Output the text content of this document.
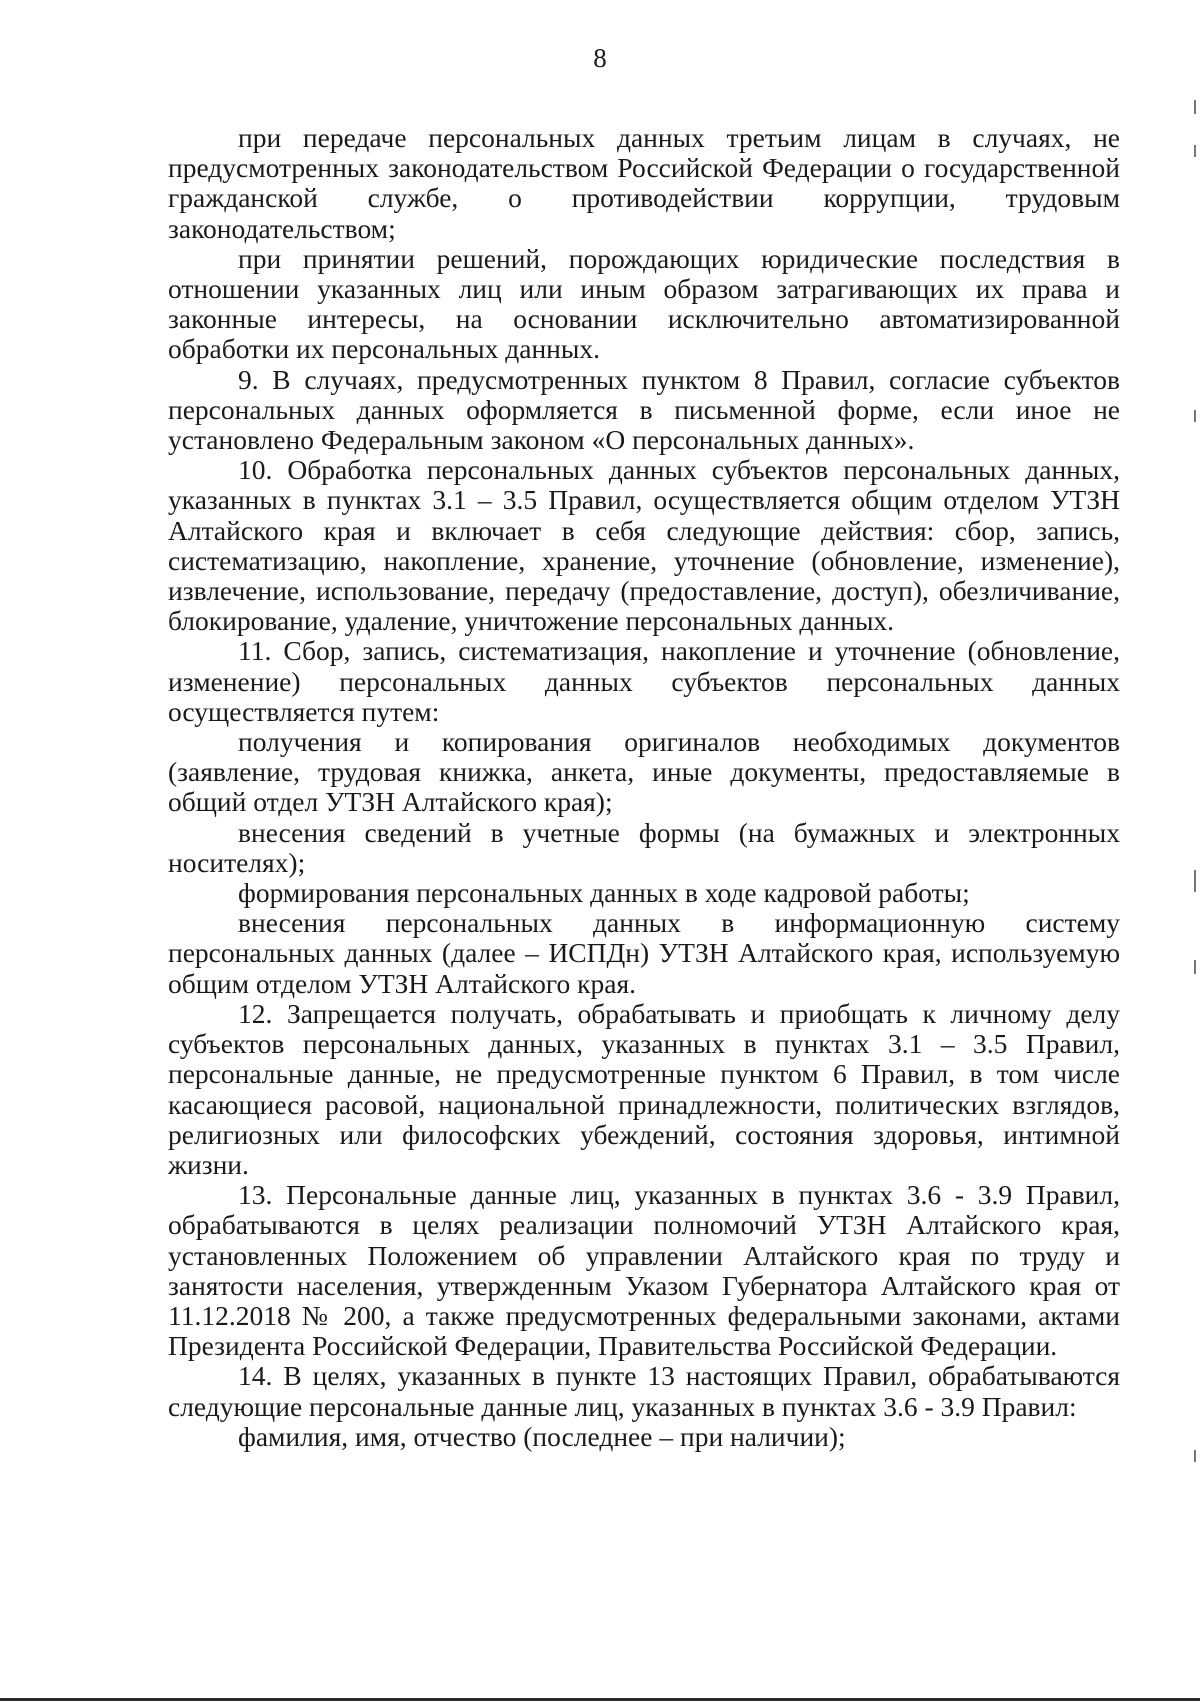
8

при передаче персональных данных третьим лицам в случаях, не предусмотренных законодательством Российской Федерации о государственной гражданской службе, о противодействии коррупции, трудовым законодательством;

при принятии решений, порождающих юридические последствия в отношении указанных лиц или иным образом затрагивающих их права и законные интересы, на основании исключительно автоматизированной обработки их персональных данных.

9. В случаях, предусмотренных пунктом 8 Правил, согласие субъектов персональных данных оформляется в письменной форме, если иное не установлено Федеральным законом «О персональных данных».

10. Обработка персональных данных субъектов персональных данных, указанных в пунктах 3.1 – 3.5 Правил, осуществляется общим отделом УТЗН Алтайского края и включает в себя следующие действия: сбор, запись, систематизацию, накопление, хранение, уточнение (обновление, изменение), извлечение, использование, передачу (предоставление, доступ), обезличивание, блокирование, удаление, уничтожение персональных данных.

11. Сбор, запись, систематизация, накопление и уточнение (обновление, изменение) персональных данных субъектов персональных данных осуществляется путем:

получения и копирования оригиналов необходимых документов (заявление, трудовая книжка, анкета, иные документы, предоставляемые в общий отдел УТЗН Алтайского края);

внесения сведений в учетные формы (на бумажных и электронных носителях);

формирования персональных данных в ходе кадровой работы;

внесения персональных данных в информационную систему персональных данных (далее – ИСПДн) УТЗН Алтайского края, используемую общим отделом УТЗН Алтайского края.

12. Запрещается получать, обрабатывать и приобщать к личному делу субъектов персональных данных, указанных в пунктах 3.1 – 3.5 Правил, персональные данные, не предусмотренные пунктом 6 Правил, в том числе касающиеся расовой, национальной принадлежности, политических взглядов, религиозных или философских убеждений, состояния здоровья, интимной жизни.

13. Персональные данные лиц, указанных в пунктах 3.6 - 3.9 Правил, обрабатываются в целях реализации полномочий УТЗН Алтайского края, установленных Положением об управлении Алтайского края по труду и занятости населения, утвержденным Указом Губернатора Алтайского края от 11.12.2018 № 200, а также предусмотренных федеральными законами, актами Президента Российской Федерации, Правительства Российской Федерации.

14. В целях, указанных в пункте 13 настоящих Правил, обрабатываются следующие персональные данные лиц, указанных в пунктах 3.6 - 3.9 Правил:

фамилия, имя, отчество (последнее – при наличии);
